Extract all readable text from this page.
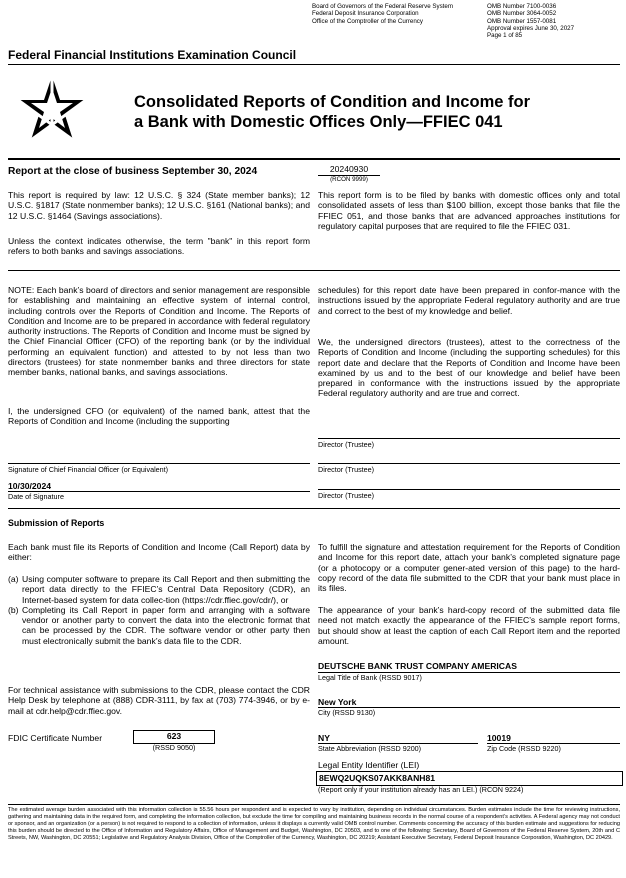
Board of Governors of the Federal Reserve System
Federal Deposit Insurance Corporation
Office of the Comptroller of the Currency
OMB Number 7100-0036
OMB Number 3064-0052
OMB Number 1557-0081
Approval expires June 30, 2027
Page 1 of 85
Federal Financial Institutions Examination Council
Consolidated Reports of Condition and Income for
a Bank with Domestic Offices Only—FFIEC 041
Report at the close of business September 30, 2024	20240930
(RCON 9999)
This report is required by law: 12 U.S.C. § 324 (State member banks); 12 U.S.C. §1817 (State nonmember banks); 12 U.S.C. §161 (National banks); and 12 U.S.C. §1464 (Savings associations).
Unless the context indicates otherwise, the term "bank" in this report form refers to both banks and savings associations.
This report form is to be filed by banks with domestic offices only and total consolidated assets of less than $100 billion, except those banks that file the FFIEC 051, and those banks that are advanced approaches institutions for regulatory capital purposes that are required to file the FFIEC 031.
NOTE: Each bank’s board of directors and senior management are responsible for establishing and maintaining an effective system of internal control, including controls over the Reports of Condition and Income. The Reports of Condition and Income are to be prepared in accordance with federal regulatory authority instructions. The Reports of Condition and Income must be signed by the Chief Financial Officer (CFO) of the reporting bank (or by the individual performing an equivalent function) and attested to by not less than two directors (trustees) for state nonmember banks and three directors for state member banks, national banks, and savings associations.
I, the undersigned CFO (or equivalent) of the named bank, attest that the Reports of Condition and Income (including the supporting
schedules) for this report date have been prepared in confor-mance with the instructions issued by the appropriate Federal regulatory authority and are true and correct to the best of my knowledge and belief.
We, the undersigned directors (trustees), attest to the correctness of the Reports of Condition and Income (including the supporting schedules) for this report date and declare that the Reports of Condition and Income have been examined by us and to the best of our knowledge and belief have been prepared in conformance with the instructions issued by the appropriate Federal regulatory authority and are true and correct.
Director (Trustee)
Director (Trustee)
Director (Trustee)
Signature of Chief Financial Officer (or Equivalent)
10/30/2024
Date of Signature
Submission of Reports
Each bank must file its Reports of Condition and Income (Call Report) data by either:
(a) Using computer software to prepare its Call Report and then submitting the report data directly to the FFIEC’s Central Data Repository (CDR), an Internet-based system for data collec-tion (https://cdr.ffiec.gov/cdr/), or
(b) Completing its Call Report in paper form and arranging with a software vendor or another party to convert the data into the electronic format that can be processed by the CDR. The software vendor or other party then must electronically submit the bank’s data file to the CDR.
For technical assistance with submissions to the CDR, please contact the CDR Help Desk by telephone at (888) CDR-3111, by fax at (703) 774-3946, or by e-mail at cdr.help@cdr.ffiec.gov.
To fulfill the signature and attestation requirement for the Reports of Condition and Income for this report date, attach your bank’s completed signature page (or a photocopy or a computer gener-ated version of this page) to the hard-copy record of the data file submitted to the CDR that your bank must place in its files.
The appearance of your bank’s hard-copy record of the submitted data file need not match exactly the appearance of the FFIEC’s sample report forms, but should show at least the caption of each Call Report item and the reported amount.
DEUTSCHE BANK TRUST COMPANY AMERICAS
Legal Title of Bank (RSSD 9017)
New York
City (RSSD 9130)
NY
State Abbreviation (RSSD 9200)
10019
Zip Code (RSSD 9220)
Legal Entity Identifier (LEI)
8EWQ2UQKS07AKK8ANH81
(Report only if your institution already has an LEI.) (RCON 9224)
FDIC Certificate Number	623
(RSSD 9050)
The estimated average burden associated with this information collection is 55.56 hours per respondent and is expected to vary by institution, depending on individual circumstances. Burden estimates include the time for reviewing instructions, gathering and maintaining data in the required form, and completing the information collection, but exclude the time for compiling and maintaining business records in the normal course of a respondent’s activities. A Federal agency may not conduct or sponsor, and an organization (or a person) is not required to respond to a collection of information, unless it displays a currently valid OMB control number. Comments concerning the accuracy of this burden estimate and suggestions for reducing this burden should be directed to the Office of Information and Regulatory Affairs, Office of Management and Budget, Washington, DC 20503, and to one of the following: Secretary, Board of Governors of the Federal Reserve System, 20th and C Streets, NW, Washington, DC 20551; Legislative and Regulatory Analysis Division, Office of the Comptroller of the Currency, Washington, DC 20219; Assistant Executive Secretary, Federal Deposit Insurance Corporation, Washington, DC 20429.
